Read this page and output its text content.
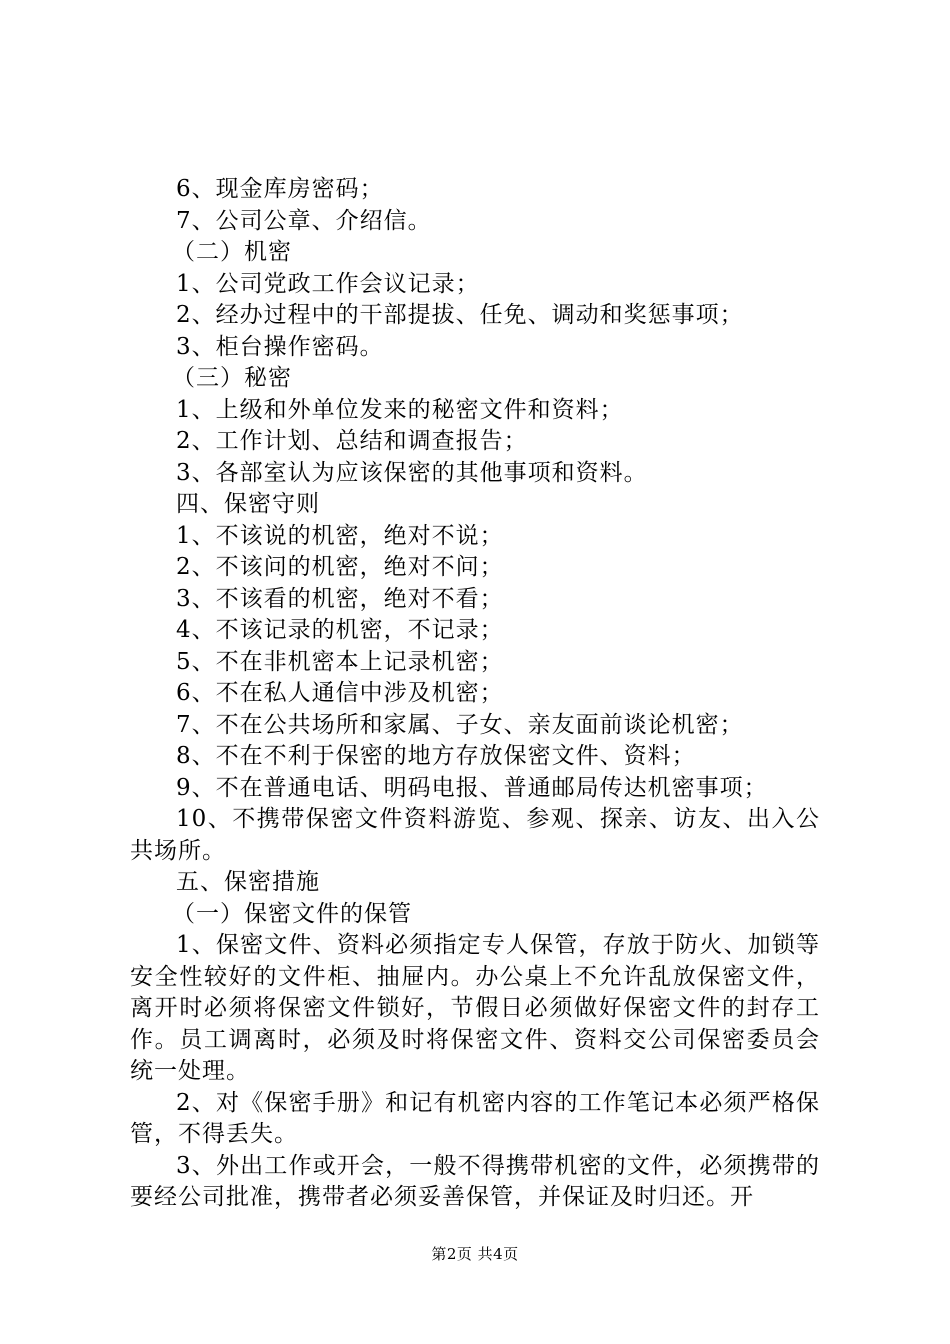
6、现金库房密码；
7、公司公章、介绍信。
（二）机密
1、公司党政工作会议记录；
2、经办过程中的干部提拔、任免、调动和奖惩事项；
3、柜台操作密码。
（三）秘密
1、上级和外单位发来的秘密文件和资料；
2、工作计划、总结和调查报告；
3、各部室认为应该保密的其他事项和资料。
四、保密守则
1、不该说的机密，绝对不说；
2、不该问的机密，绝对不问；
3、不该看的机密，绝对不看；
4、不该记录的机密，不记录；
5、不在非机密本上记录机密；
6、不在私人通信中涉及机密；
7、不在公共场所和家属、子女、亲友面前谈论机密；
8、不在不利于保密的地方存放保密文件、资料；
9、不在普通电话、明码电报、普通邮局传达机密事项；
10、不携带保密文件资料游览、参观、探亲、访友、出入公共场所。
五、保密措施
（一）保密文件的保管
1、保密文件、资料必须指定专人保管，存放于防火、加锁等安全性较好的文件柜、抽屉内。办公桌上不允许乱放保密文件，离开时必须将保密文件锁好，节假日必须做好保密文件的封存工作。员工调离时，必须及时将保密文件、资料交公司保密委员会统一处理。
2、对《保密手册》和记有机密内容的工作笔记本必须严格保管，不得丢失。
3、外出工作或开会，一般不得携带机密的文件，必须携带的要经公司批准，携带者必须妥善保管，并保证及时归还。开
第2页 共4页
